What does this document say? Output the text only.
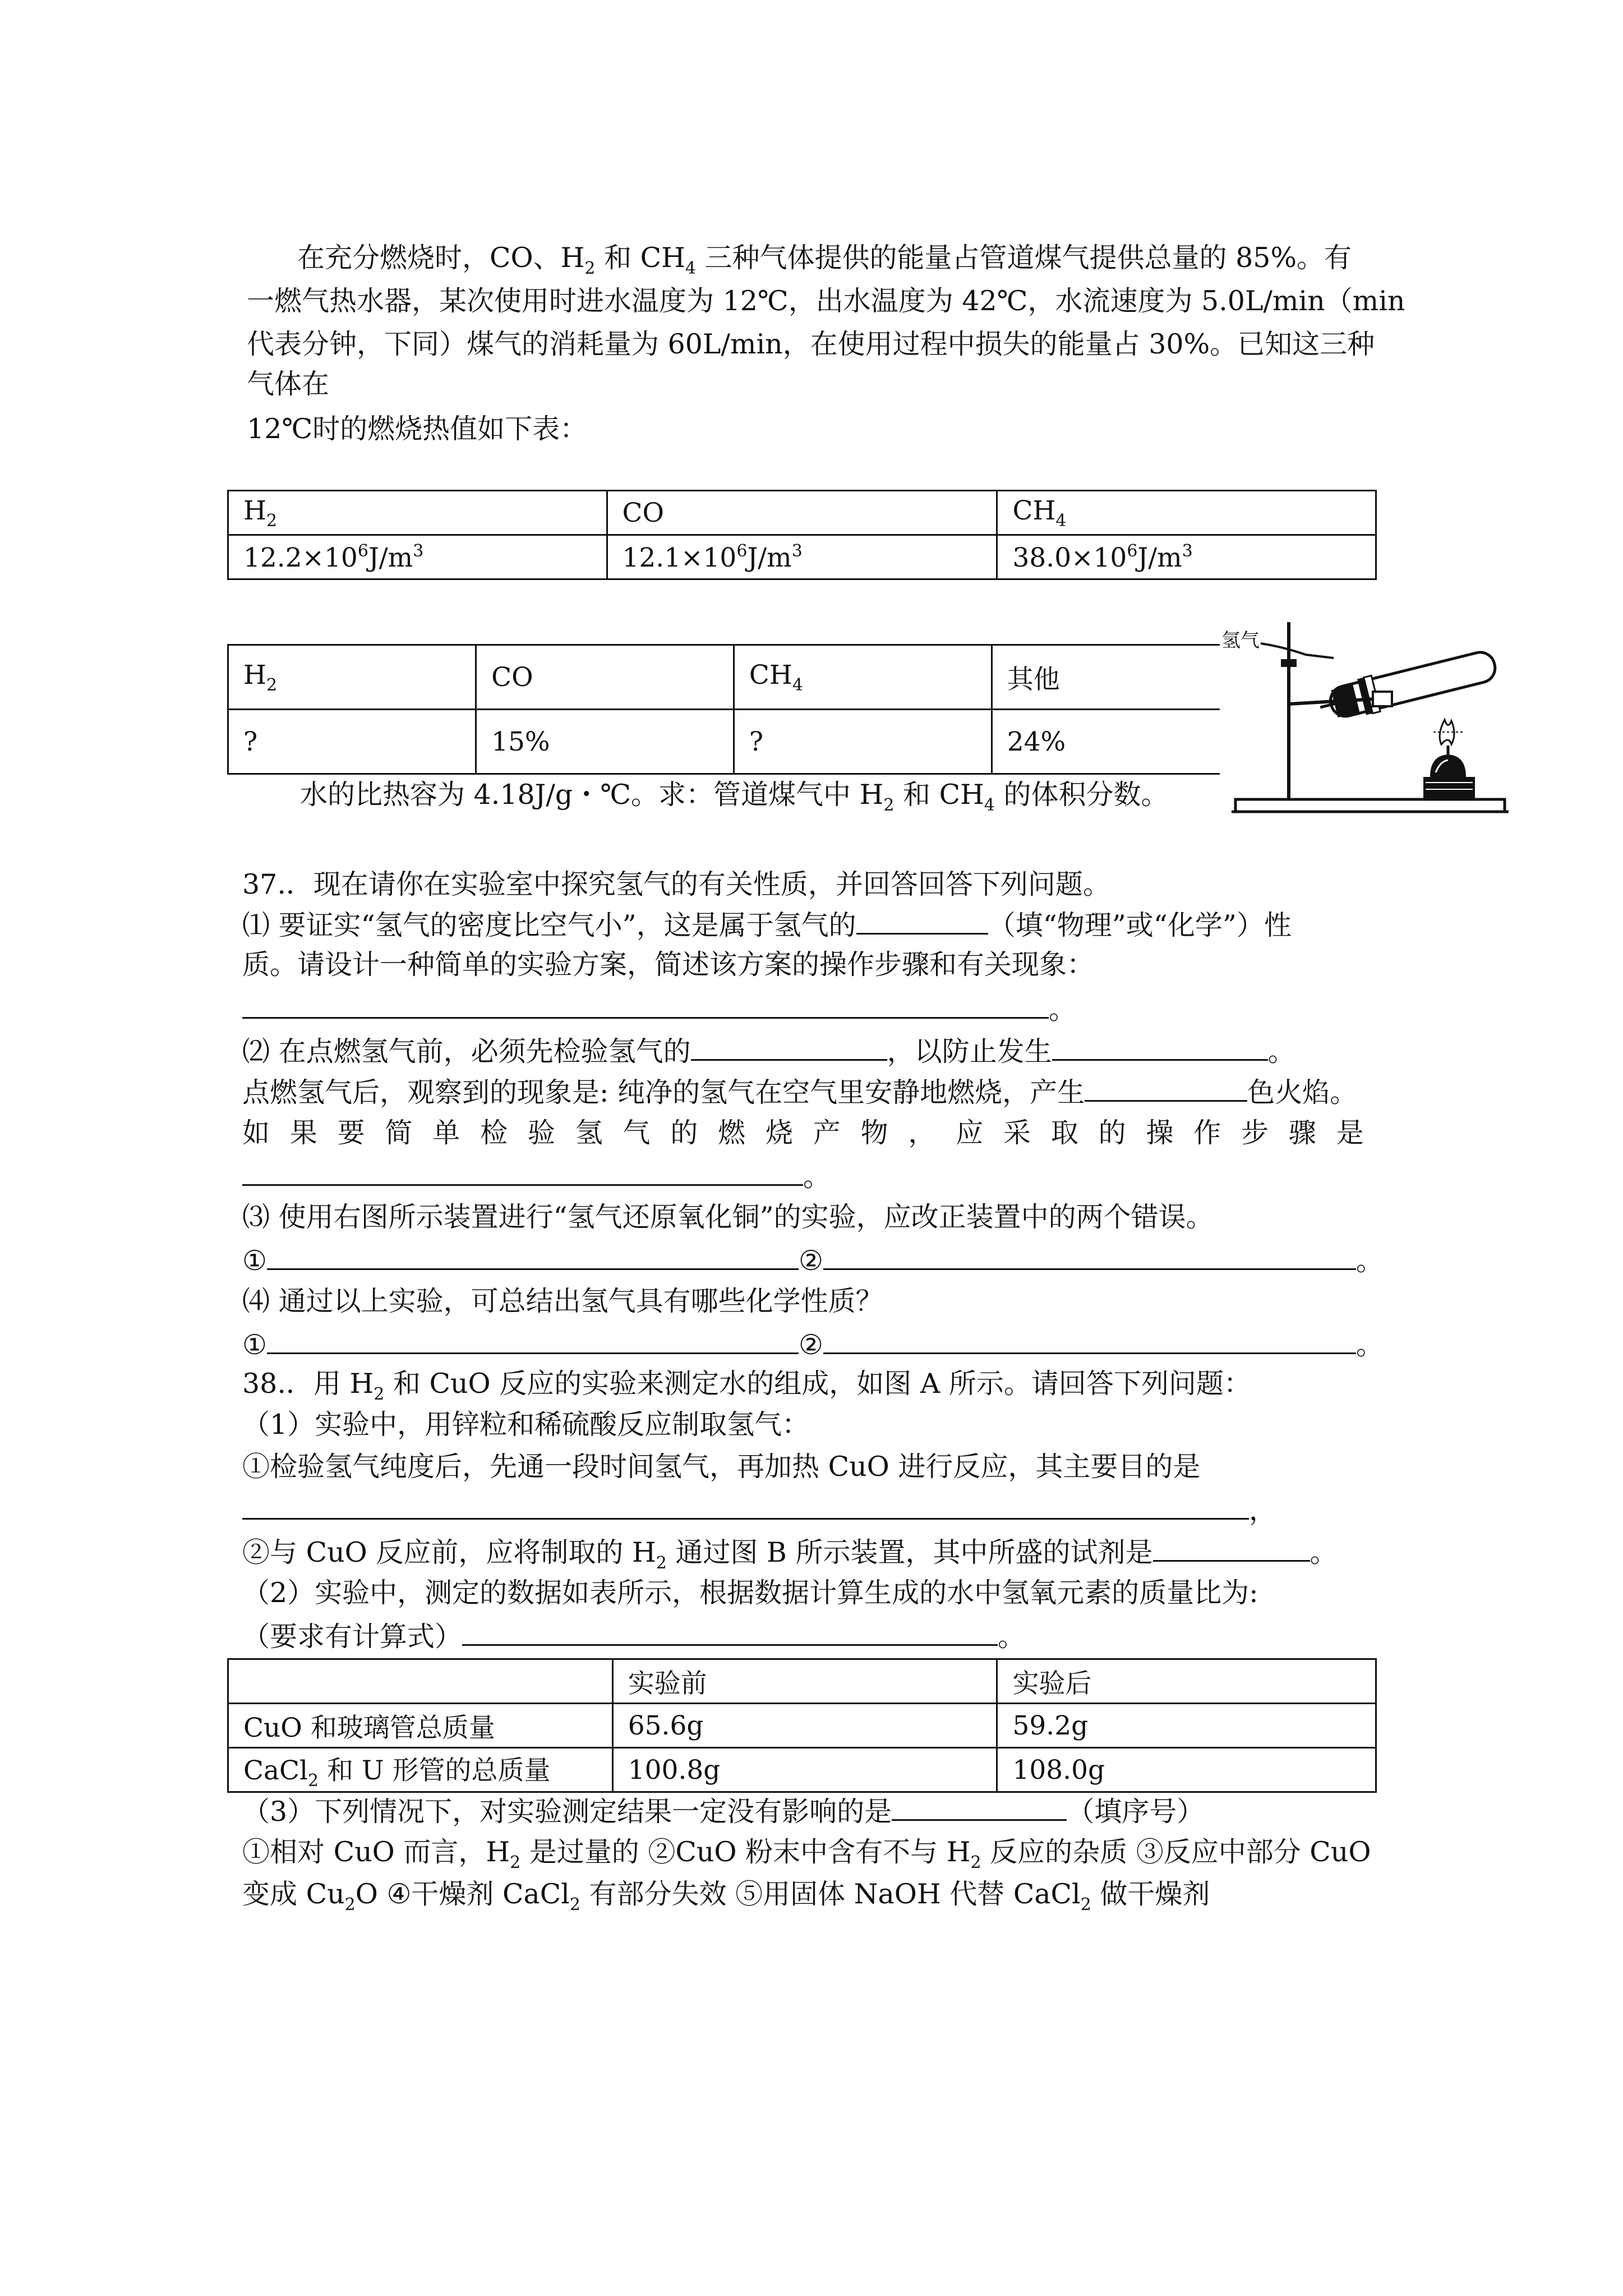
在充分燃烧时，CO、$H_2$ 和 $CH_4$ 三种气体提供的能量占管道煤气提供总量的 85%。有
一燃气热水器，某次使用时进水温度为 12℃，出水温度为 42℃，水流速度为 5.0L/min（min
代表分钟，下同）煤气的消耗量为 60L/min，在使用过程中损失的能量占 30%。已知这三种
气体在
12℃时的燃烧热值如下表：
$H_2$	CO	$CH_4$
$12.2\times 10^6J/m^3$	$12.1\times 10^6J/m^3$	$38.0\times 10^6J/m^3$
$H_2$	CO	$CH_4$	其他
?	15%	?	24%
水的比热容为 4.18J/g・℃。求：管道煤气中 $H_2$ 和 $CH_4$ 的体积分数。
氢气
37.．现在请你在实验室中探究氢气的有关性质，并回答回答下列问题。
⑴ 要证实“氢气的密度比空气小”，这是属于氢气的	（填“物理”或“化学”）性
质。请设计一种简单的实验方案，简述该方案的操作步骤和有关现象：
。
⑵ 在点燃氢气前，必须先检验氢气的	，以防止发生	。
点燃氢气后，观察到的现象是: 纯净的氢气在空气里安静地燃烧，产生	色火焰。
如 果 要 简 单 检 验 氢 气 的 燃 烧 产 物 ， 应 采 取 的 操 作 步 骤 是
。
⑶ 使用右图所示装置进行“氢气还原氧化铜”的实验，应改正装置中的两个错误。
①	②	。
⑷ 通过以上实验，可总结出氢气具有哪些化学性质？
①	②	。
38.．用 $H_2$ 和 CuO 反应的实验来测定水的组成，如图 A 所示。请回答下列问题：
（1）实验中，用锌粒和稀硫酸反应制取氢气：
①检验氢气纯度后，先通一段时间氢气，再加热 CuO 进行反应，其主要目的是
，
②与 CuO 反应前，应将制取的 $H_2$ 通过图 B 所示装置，其中所盛的试剂是	。
（2）实验中，测定的数据如表所示，根据数据计算生成的水中氢氧元素的质量比为:
（要求有计算式）	。
	实验前	实验后
CuO 和玻璃管总质量	65.6g	59.2g
CaCl$_2$ 和 U 形管的总质量	100.8g	108.0g
（3）下列情况下，对实验测定结果一定没有影响的是	（填序号）
①相对 CuO 而言，$H_2$ 是过量的 ②CuO 粉末中含有不与 $H_2$ 反应的杂质 ③反应中部分 CuO
变成 $Cu_2O$ ④干燥剂 CaCl$_2$ 有部分失效 ⑤用固体 NaOH 代替 CaCl$_2$ 做干燥剂
